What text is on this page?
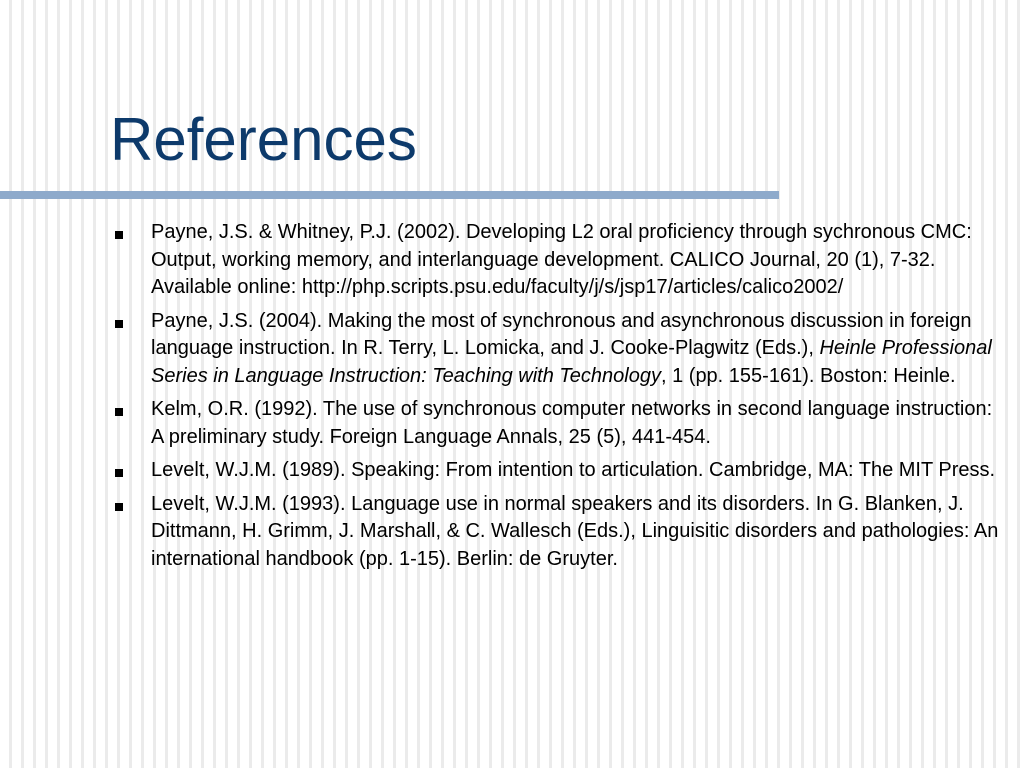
References
Payne, J.S. & Whitney, P.J. (2002). Developing L2 oral proficiency through sychronous CMC: Output, working memory, and interlanguage development. CALICO Journal, 20 (1), 7-32. Available online: http://php.scripts.psu.edu/faculty/j/s/jsp17/articles/calico2002/
Payne, J.S. (2004). Making the most of synchronous and asynchronous discussion in foreign language instruction. In R. Terry, L. Lomicka, and J. Cooke-Plagwitz (Eds.), Heinle Professional Series in Language Instruction: Teaching with Technology, 1 (pp. 155-161). Boston: Heinle.
Kelm, O.R. (1992). The use of synchronous computer networks in second language instruction: A preliminary study. Foreign Language Annals, 25 (5), 441-454.
Levelt, W.J.M. (1989). Speaking: From intention to articulation. Cambridge, MA: The MIT Press.
Levelt, W.J.M. (1993). Language use in normal speakers and its disorders. In G. Blanken, J. Dittmann, H. Grimm, J. Marshall, & C. Wallesch (Eds.), Linguisitic disorders and pathologies: An international handbook (pp. 1-15). Berlin: de Gruyter.
